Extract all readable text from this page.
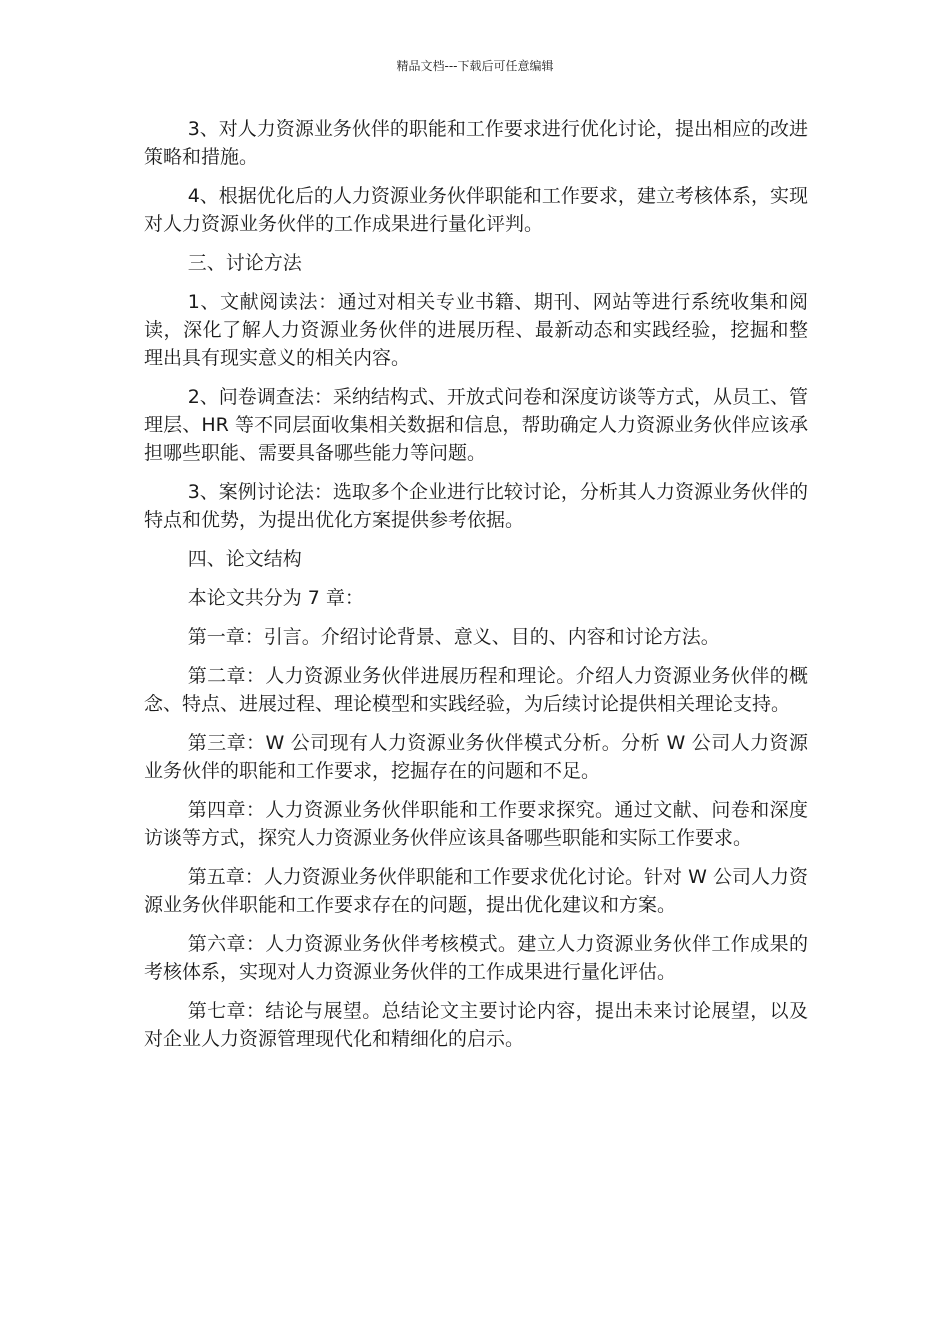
精品文档---下载后可任意编辑

3、对人力资源业务伙伴的职能和工作要求进行优化讨论，提出相应的改进策略和措施。

4、根据优化后的人力资源业务伙伴职能和工作要求，建立考核体系，实现对人力资源业务伙伴的工作成果进行量化评判。

三、讨论方法

1、文献阅读法：通过对相关专业书籍、期刊、网站等进行系统收集和阅读，深化了解人力资源业务伙伴的进展历程、最新动态和实践经验，挖掘和整理出具有现实意义的相关内容。

2、问卷调查法：采纳结构式、开放式问卷和深度访谈等方式，从员工、管理层、HR 等不同层面收集相关数据和信息，帮助确定人力资源业务伙伴应该承担哪些职能、需要具备哪些能力等问题。

3、案例讨论法：选取多个企业进行比较讨论，分析其人力资源业务伙伴的特点和优势，为提出优化方案提供参考依据。

四、论文结构

本论文共分为 7 章：

第一章：引言。介绍讨论背景、意义、目的、内容和讨论方法。

第二章：人力资源业务伙伴进展历程和理论。介绍人力资源业务伙伴的概念、特点、进展过程、理论模型和实践经验，为后续讨论提供相关理论支持。

第三章：W 公司现有人力资源业务伙伴模式分析。分析 W 公司人力资源业务伙伴的职能和工作要求，挖掘存在的问题和不足。

第四章：人力资源业务伙伴职能和工作要求探究。通过文献、问卷和深度访谈等方式，探究人力资源业务伙伴应该具备哪些职能和实际工作要求。

第五章：人力资源业务伙伴职能和工作要求优化讨论。针对 W 公司人力资源业务伙伴职能和工作要求存在的问题，提出优化建议和方案。

第六章：人力资源业务伙伴考核模式。建立人力资源业务伙伴工作成果的考核体系，实现对人力资源业务伙伴的工作成果进行量化评估。

第七章：结论与展望。总结论文主要讨论内容，提出未来讨论展望，以及对企业人力资源管理现代化和精细化的启示。
